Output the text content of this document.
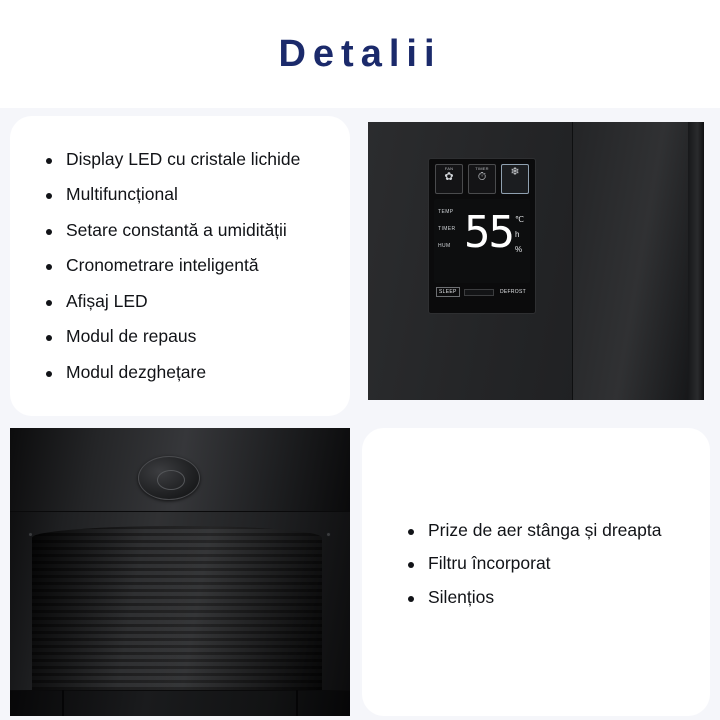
Detalii
Display LED cu cristale lichide
Multifuncțional
Setare constantă a umidității
Cronometrare inteligentă
Afișaj LED
Modul de repaus
Modul dezghețare
FAN
✿
TIMER
⏱ ❄
TEMP
TIMER
HUM 55 ℃
h
%
SLEEP	DEFROST
Prize de aer stânga și dreapta
Filtru încorporat
Silențios
